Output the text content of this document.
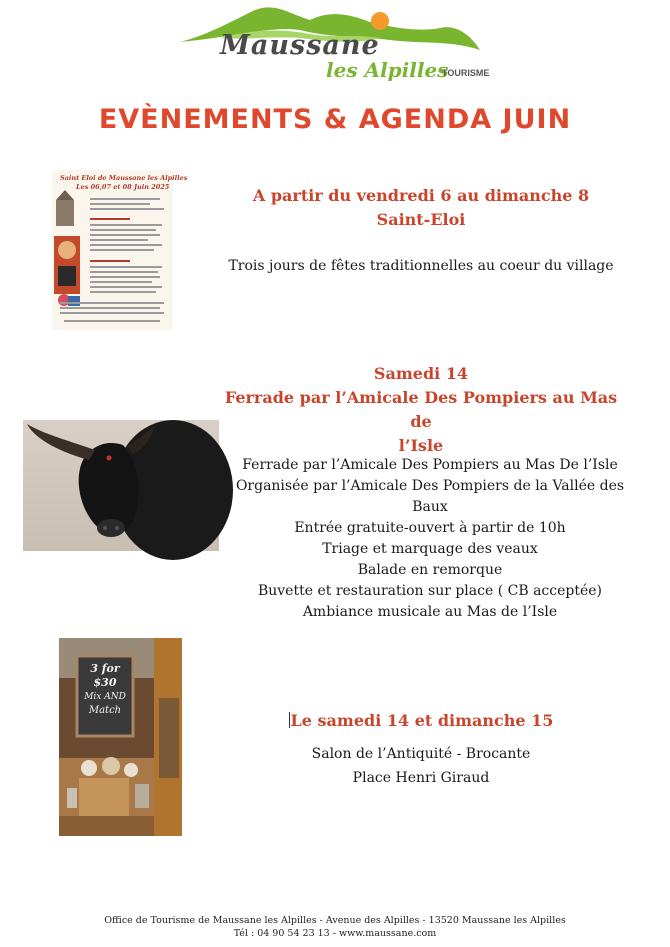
Maussane
les Alpilles
TOURISME
EVÈNEMENTS & AGENDA JUIN
Saint Eloi de Maussane les Alpilles
Les 06,07 et 08 Juin 2025	A partir du vendredi 6 au dimanche 8
Saint-Eloi
Trois jours de fêtes traditionnelles au coeur du village
Samedi 14
Ferrade par l’Amicale Des Pompiers au Mas de
l’Isle
Ferrade par l’Amicale Des Pompiers au Mas De l’Isle
Organisée par l’Amicale Des Pompiers de la Vallée des Baux
Entrée gratuite-ouvert à partir de 10h
Triage et marquage des veaux
Balade en remorque
Buvette et restauration sur place ( CB acceptée)
Ambiance musicale au Mas de l’Isle
3 for $30
Mix AND
Match
Le samedi 14 et dimanche 15
Salon de l’Antiquité - Brocante
Place Henri Giraud
Office de Tourisme de Maussane les Alpilles - Avenue des Alpilles - 13520 Maussane les Alpilles
Tél : 04 90 54 23 13 - www.maussane.com
